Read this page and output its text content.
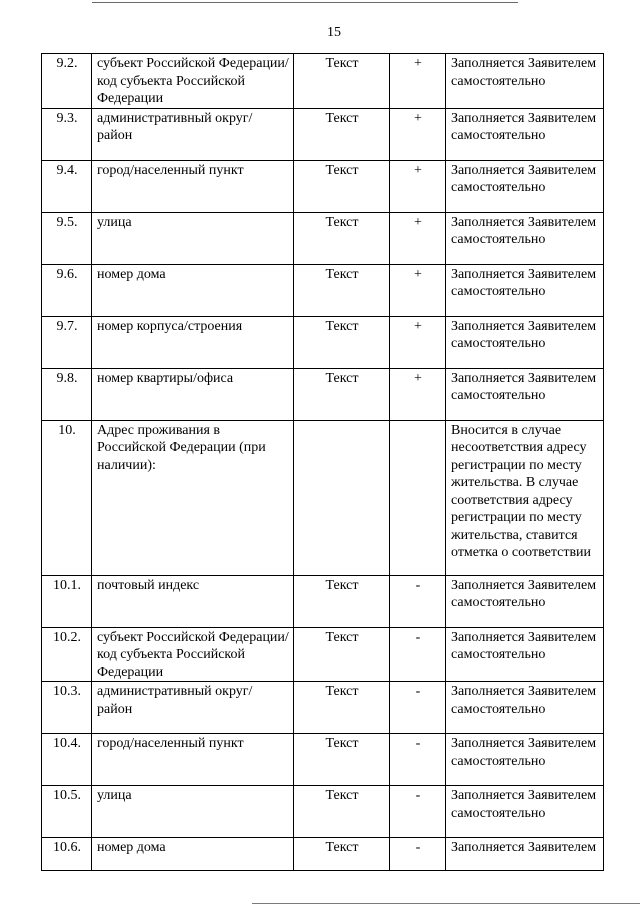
15
9.2.	субъект Российской Федерации/код субъекта Российской Федерации	Текст	+	Заполняется Заявителем самостоятельно
9.3.	административный округ/ район	Текст	+	Заполняется Заявителем самостоятельно
9.4.	город/населенный пункт	Текст	+	Заполняется Заявителем самостоятельно
9.5.	улица	Текст	+	Заполняется Заявителем самостоятельно
9.6.	номер дома	Текст	+	Заполняется Заявителем самостоятельно
9.7.	номер корпуса/строения	Текст	+	Заполняется Заявителем самостоятельно
9.8.	номер квартиры/офиса	Текст	+	Заполняется Заявителем самостоятельно
10.	Адрес проживания в Российской Федерации (при наличии):			Вносится в случае несоответствия адресу регистрации по месту жительства. В случае соответствия адресу регистрации по месту жительства, ставится отметка о соответствии
10.1.	почтовый индекс	Текст	-	Заполняется Заявителем самостоятельно
10.2.	субъект Российской Федерации/код субъекта Российской Федерации	Текст	-	Заполняется Заявителем самостоятельно
10.3.	административный округ/ район	Текст	-	Заполняется Заявителем самостоятельно
10.4.	город/населенный пункт	Текст	-	Заполняется Заявителем самостоятельно
10.5.	улица	Текст	-	Заполняется Заявителем самостоятельно
10.6.	номер дома	Текст	-	Заполняется Заявителем
